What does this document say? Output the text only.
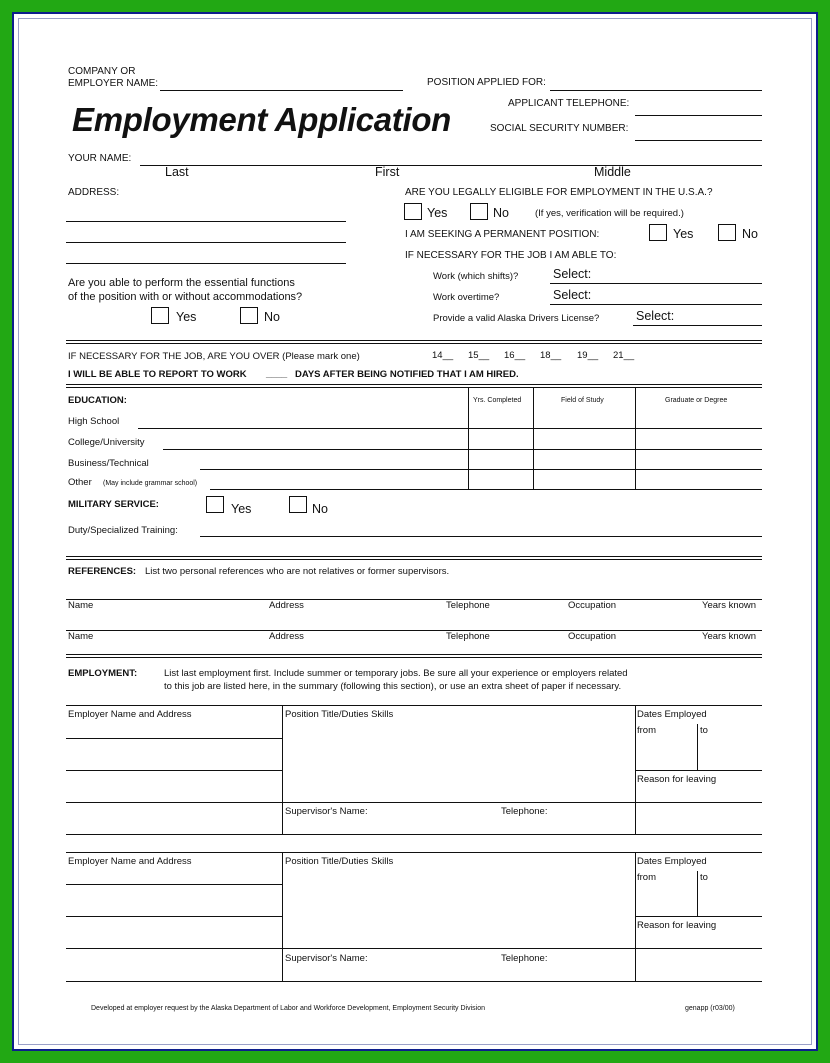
COMPANY OR
EMPLOYER NAME:	POSITION APPLIED FOR:
APPLICANT TELEPHONE:
Employment Application	SOCIAL SECURITY NUMBER:
YOUR NAME:
Last	First	Middle
ADDRESS:	ARE YOU LEGALLY ELIGIBLE FOR EMPLOYMENT IN THE U.S.A.?
Yes	No	(If yes, verification will be required.)
I AM SEEKING A PERMANENT POSITION:	Yes	No
IF NECESSARY FOR THE JOB I AM ABLE TO:
Work (which shifts)?	Select:
Work overtime?	Select:
Provide a valid Alaska Drivers License?	Select:
Are you able to perform the essential functions
of the position with or without accommodations?
Yes	No
IF NECESSARY FOR THE JOB, ARE YOU OVER (Please mark one)	14__ 15__ 16__ 18__ 19__ 21__
I WILL BE ABLE TO REPORT TO WORK ____ DAYS AFTER BEING NOTIFIED THAT I AM HIRED.
EDUCATION:	Yrs. Completed	Field of Study	Graduate or Degree
High School
College/University
Business/Technical
Other (May include grammar school)
MILITARY SERVICE:	Yes	No
Duty/Specialized Training:
REFERENCES: List two personal references who are not relatives or former supervisors.
Name	Address	Telephone	Occupation	Years known
Name	Address	Telephone	Occupation	Years known
EMPLOYMENT:	List last employment first. Include summer or temporary jobs. Be sure all your experience or employers related
to this job are listed here, in the summary (following this section), or use an extra sheet of paper if necessary.
Employer Name and Address	Position Title/Duties Skills	Dates Employed
from	to
Reason for leaving
Supervisor's Name:	Telephone:
Employer Name and Address	Position Title/Duties Skills	Dates Employed
from	to
Reason for leaving
Supervisor's Name:	Telephone:
Developed at employer request by the Alaska Department of Labor and Workforce Development, Employment Security Division	genapp (r03/00)
